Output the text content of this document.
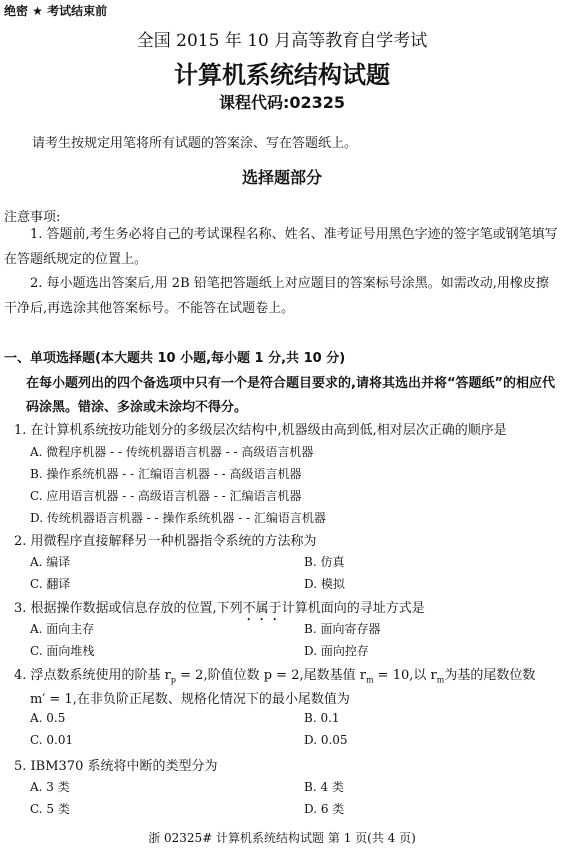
绝密 ★ 考试结束前
全国 2015 年 10 月高等教育自学考试
计算机系统结构试题
课程代码:02325
请考生按规定用笔将所有试题的答案涂、写在答题纸上。
选择题部分
注意事项:
1. 答题前,考生务必将自己的考试课程名称、姓名、准考证号用黑色字迹的签字笔或钢笔填写在答题纸规定的位置上。
2. 每小题选出答案后,用 2B 铅笔把答题纸上对应题目的答案标号涂黑。如需改动,用橡皮擦干净后,再选涂其他答案标号。不能答在试题卷上。
一、单项选择题(本大题共 10 小题,每小题 1 分,共 10 分)
在每小题列出的四个备选项中只有一个是符合题目要求的,请将其选出并将“答题纸”的相应代码涂黑。错涂、多涂或未涂均不得分。
1. 在计算机系统按功能划分的多级层次结构中,机器级由高到低,相对层次正确的顺序是
A. 微程序机器 - - 传统机器语言机器 - - 高级语言机器
B. 操作系统机器 - - 汇编语言机器 - - 高级语言机器
C. 应用语言机器 - - 高级语言机器 - - 汇编语言机器
D. 传统机器语言机器 - - 操作系统机器 - - 汇编语言机器
2. 用微程序直接解释另一种机器指令系统的方法称为
A. 编译	B. 仿真
C. 翻译	D. 模拟
3. 根据操作数据或信息存放的位置,下列不属于计算机面向的寻址方式是
A. 面向主存	B. 面向寄存器
C. 面向堆栈	D. 面向控存
4. 浮点数系统使用的阶基 $r_p = 2$,阶值位数 p = 2,尾数基值 $r_m = 10$,以 $r_m$为基的尾数位数
m′ = 1,在非负阶正尾数、规格化情况下的最小尾数值为
A. 0.5	B. 0.1
C. 0.01	D. 0.05
5. IBM370 系统将中断的类型分为
A. 3 类	B. 4 类
C. 5 类	D. 6 类
浙 02325# 计算机系统结构试题 第 1 页(共 4 页)
